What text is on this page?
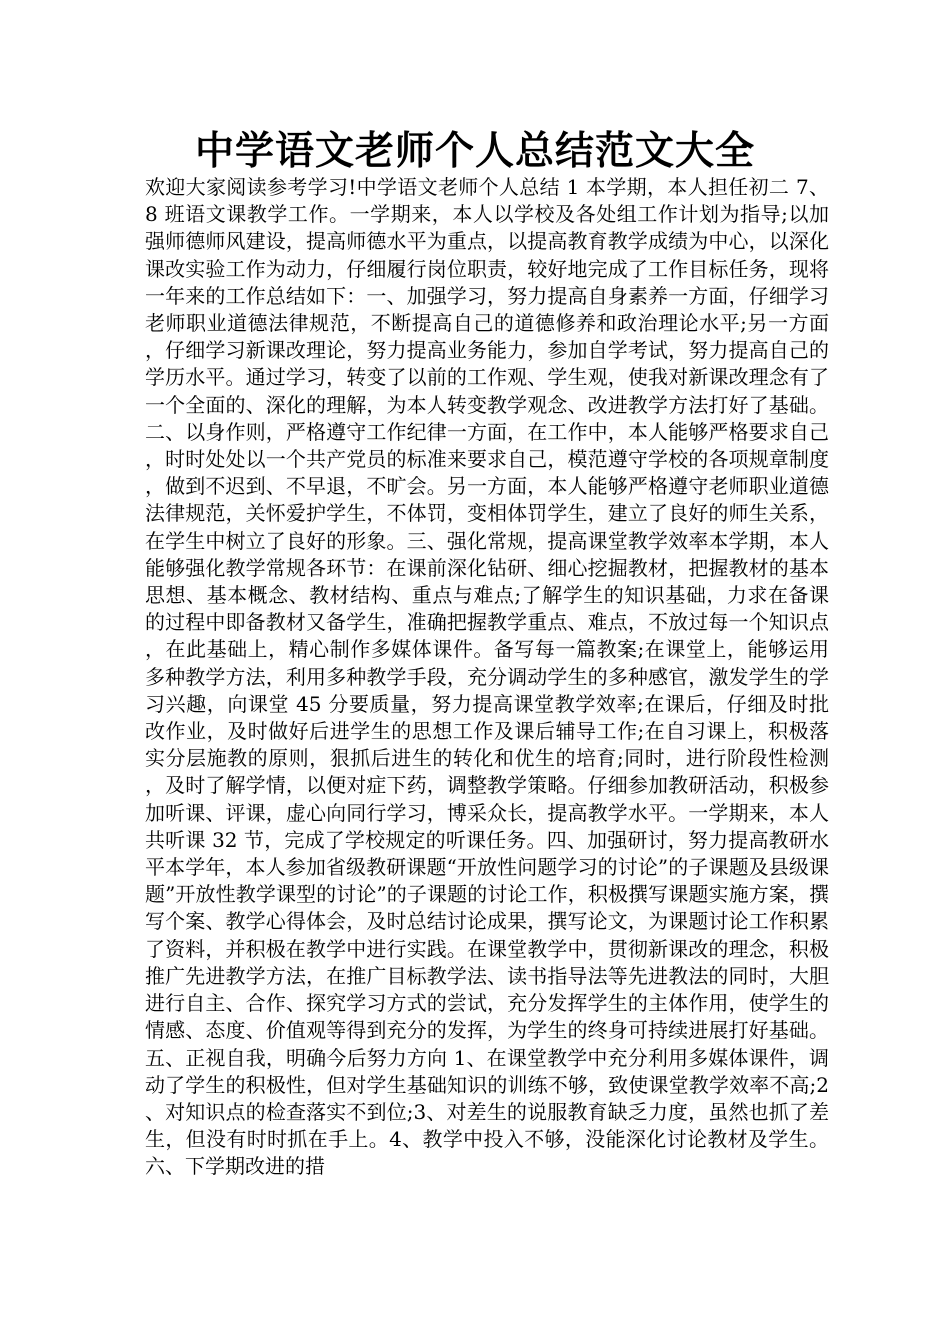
中学语文老师个人总结范文大全

欢迎大家阅读参考学习!中学语文老师个人总结 1 本学期，本人担任初二 7、8 班语文课教学工作。一学期来，本人以学校及各处组工作计划为指导;以加强师德师风建设，提高师德水平为重点，以提高教育教学成绩为中心，以深化课改实验工作为动力，仔细履行岗位职责，较好地完成了工作目标任务，现将一年来的工作总结如下：一、加强学习，努力提高自身素养一方面，仔细学习老师职业道德法律规范，不断提高自己的道德修养和政治理论水平;另一方面，仔细学习新课改理论，努力提高业务能力，参加自学考试，努力提高自己的学历水平。通过学习，转变了以前的工作观、学生观，使我对新课改理念有了一个全面的、深化的理解，为本人转变教学观念、改进教学方法打好了基础。二、以身作则，严格遵守工作纪律一方面，在工作中，本人能够严格要求自己，时时处处以一个共产党员的标准来要求自己，模范遵守学校的各项规章制度，做到不迟到、不早退，不旷会。另一方面，本人能够严格遵守老师职业道德法律规范，关怀爱护学生，不体罚，变相体罚学生，建立了良好的师生关系，在学生中树立了良好的形象。三、强化常规，提高课堂教学效率本学期，本人能够强化教学常规各环节：在课前深化钻研、细心挖掘教材，把握教材的基本思想、基本概念、教材结构、重点与难点;了解学生的知识基础，力求在备课的过程中即备教材又备学生，准确把握教学重点、难点，不放过每一个知识点，在此基础上，精心制作多媒体课件。备写每一篇教案;在课堂上，能够运用多种教学方法，利用多种教学手段，充分调动学生的多种感官，激发学生的学习兴趣，向课堂 45 分要质量，努力提高课堂教学效率;在课后，仔细及时批改作业，及时做好后进学生的思想工作及课后辅导工作;在自习课上，积极落实分层施教的原则，狠抓后进生的转化和优生的培育;同时，进行阶段性检测，及时了解学情，以便对症下药，调整教学策略。仔细参加教研活动，积极参加听课、评课，虚心向同行学习，博采众长，提高教学水平。一学期来，本人共听课 32 节，完成了学校规定的听课任务。四、加强研讨，努力提高教研水平本学年，本人参加省级教研课题“开放性问题学习的讨论”的子课题及县级课题”开放性教学课型的讨论”的子课题的讨论工作，积极撰写课题实施方案，撰写个案、教学心得体会，及时总结讨论成果，撰写论文，为课题讨论工作积累了资料，并积极在教学中进行实践。在课堂教学中，贯彻新课改的理念，积极推广先进教学方法，在推广目标教学法、读书指导法等先进教法的同时，大胆进行自主、合作、探究学习方式的尝试，充分发挥学生的主体作用，使学生的情感、态度、价值观等得到充分的发挥，为学生的终身可持续进展打好基础。五、正视自我，明确今后努力方向 1、在课堂教学中充分利用多媒体课件，调动了学生的积极性，但对学生基础知识的训练不够，致使课堂教学效率不高;2、对知识点的检查落实不到位;3、对差生的说服教育缺乏力度，虽然也抓了差生，但没有时时抓在手上。4、教学中投入不够，没能深化讨论教材及学生。六、下学期改进的措
